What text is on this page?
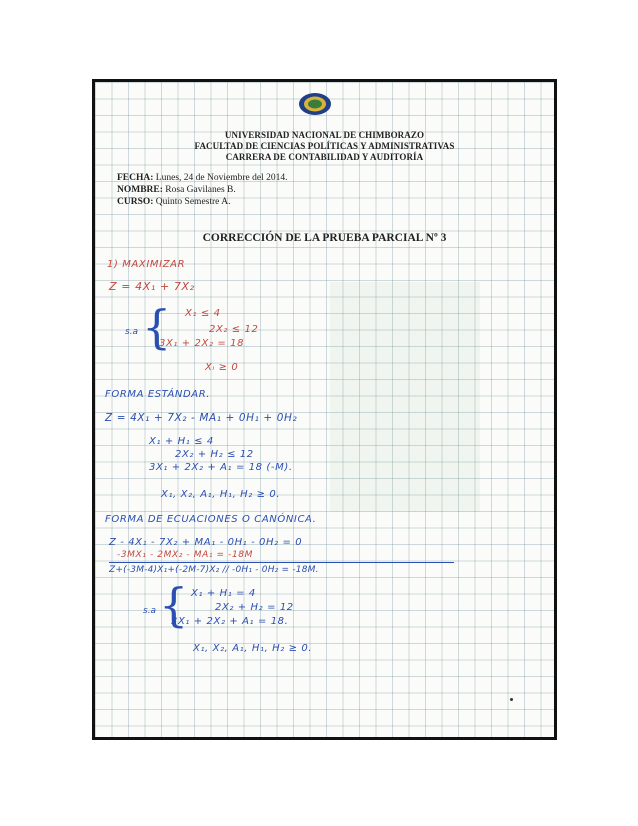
UNIVERSIDAD NACIONAL DE CHIMBORAZO
FACULTAD DE CIENCIAS POLÍTICAS Y ADMINISTRATIVAS
CARRERA DE CONTABILIDAD Y AUDITORÍA
FECHA: Lunes, 24 de Noviembre del 2014.
NOMBRE: Rosa Gavilanes B.
CURSO: Quinto Semestre A.
CORRECCIÓN DE LA PRUEBA PARCIAL Nº 3
1) MAXIMIZAR
Z = 4X₁ + 7X₂
s.a { X₁ ≤ 4
2X₂ ≤ 12
3X₁ + 2X₂ = 18
Xᵢ ≥ 0
FORMA ESTÁNDAR.
Z = 4X₁ + 7X₂ - MA₁ + 0H₁ + 0H₂
X₁ + H₁ ≤ 4
2X₂ + H₂ ≤ 12
3X₁ + 2X₂ + A₁ = 18 (-M).
X₁, X₂, A₁, H₁, H₂ ≥ 0.
FORMA DE ECUACIONES O CANÓNICA.
Z - 4X₁ - 7X₂ + MA₁ - 0H₁ - 0H₂ = 0
-3MX₁ - 2MX₂ - MA₁ = -18M
Z+(-3M-4)X₁+(-2M-7)X₂ // -0H₁ - 0H₂ = -18M.
s.a { X₁ + H₁ = 4
2X₂ + H₂ = 12
3X₁ + 2X₂ + A₁ = 18.
X₁, X₂, A₁, H₁, H₂ ≥ 0.
